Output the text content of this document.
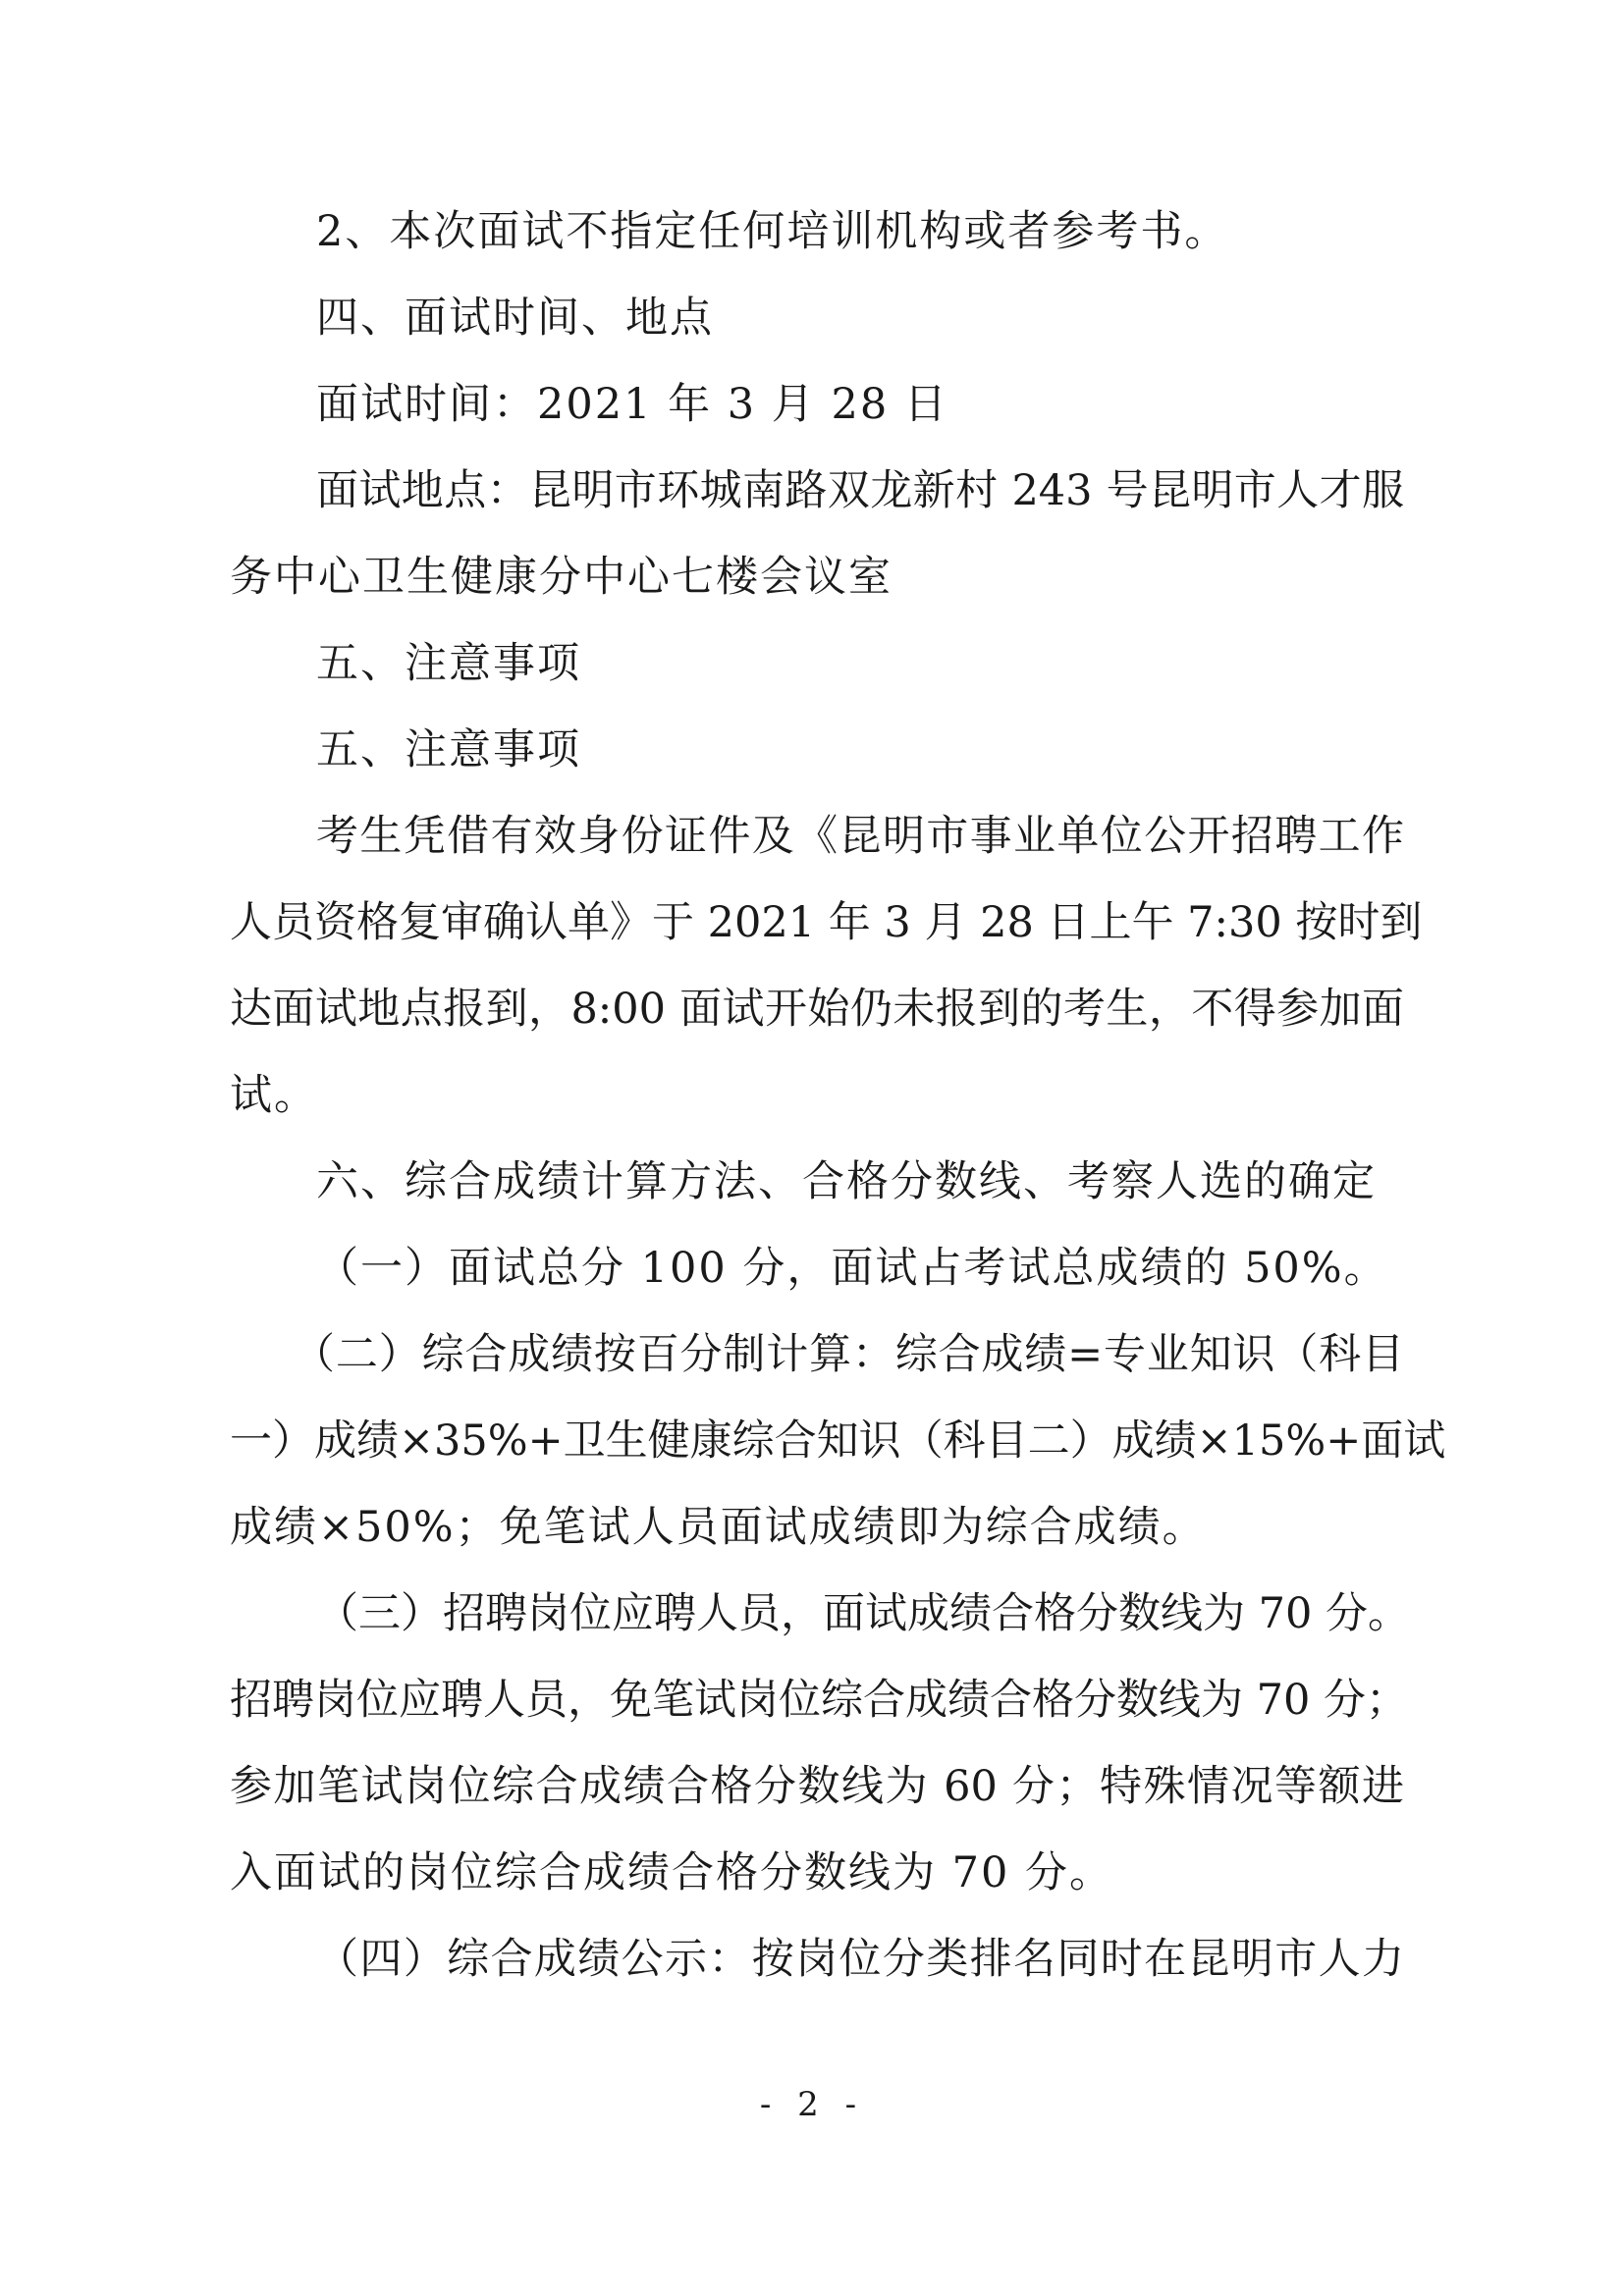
2、本次面试不指定任何培训机构或者参考书。
四、面试时间、地点
面试时间：2021 年 3 月 28 日
面试地点：昆明市环城南路双龙新村 243 号昆明市人才服
务中心卫生健康分中心七楼会议室
五、注意事项
五、注意事项
考生凭借有效身份证件及《昆明市事业单位公开招聘工作
人员资格复审确认单》于 2021 年 3 月 28 日上午 7:30 按时到
达面试地点报到，8:00 面试开始仍未报到的考生，不得参加面
试。
六、综合成绩计算方法、合格分数线、考察人选的确定
（一）面试总分 100 分，面试占考试总成绩的 50%。
（二）综合成绩按百分制计算：综合成绩=专业知识（科目
一）成绩×35%+卫生健康综合知识（科目二）成绩×15%+面试
成绩×50%；免笔试人员面试成绩即为综合成绩。
（三）招聘岗位应聘人员，面试成绩合格分数线为 70 分。
招聘岗位应聘人员，免笔试岗位综合成绩合格分数线为 70 分；
参加笔试岗位综合成绩合格分数线为 60 分；特殊情况等额进
入面试的岗位综合成绩合格分数线为 70 分。
（四）综合成绩公示：按岗位分类排名同时在昆明市人力
- 2 -
